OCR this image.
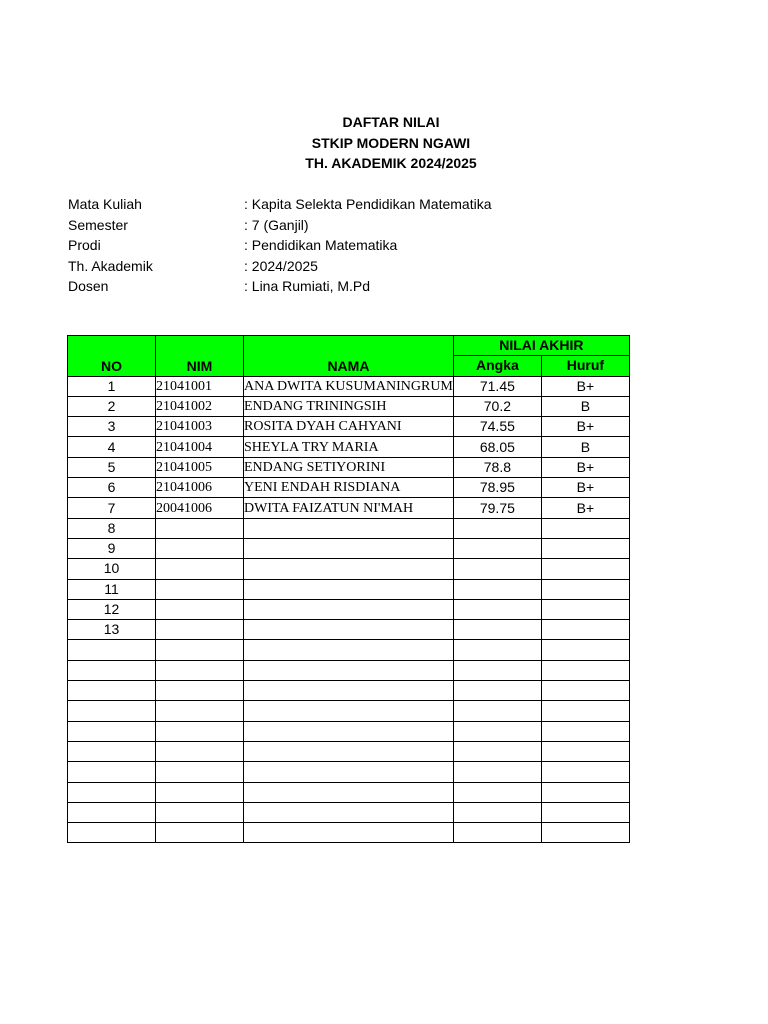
DAFTAR NILAI
STKIP MODERN NGAWI
TH. AKADEMIK 2024/2025
Mata Kuliah	: Kapita Selekta Pendidikan Matematika
Semester	: 7 (Ganjil)
Prodi	: Pendidikan Matematika
Th. Akademik	: 2024/2025
Dosen	: Lina Rumiati, M.Pd
NO	NIM	NAMA	NILAI AKHIR	
			Angka	Huruf
1	21041001	ANA DWITA KUSUMANINGRUM	71.45	B+
2	21041002	ENDANG TRININGSIH	70.2	B
3	21041003	ROSITA DYAH CAHYANI	74.55	B+
4	21041004	SHEYLA TRY MARIA	68.05	B
5	21041005	ENDANG SETIYORINI	78.8	B+
6	21041006	YENI ENDAH RISDIANA	78.95	B+
7	20041006	DWITA FAIZATUN NI'MAH	79.75	B+
8				
9				
10				
11				
12				
13				
